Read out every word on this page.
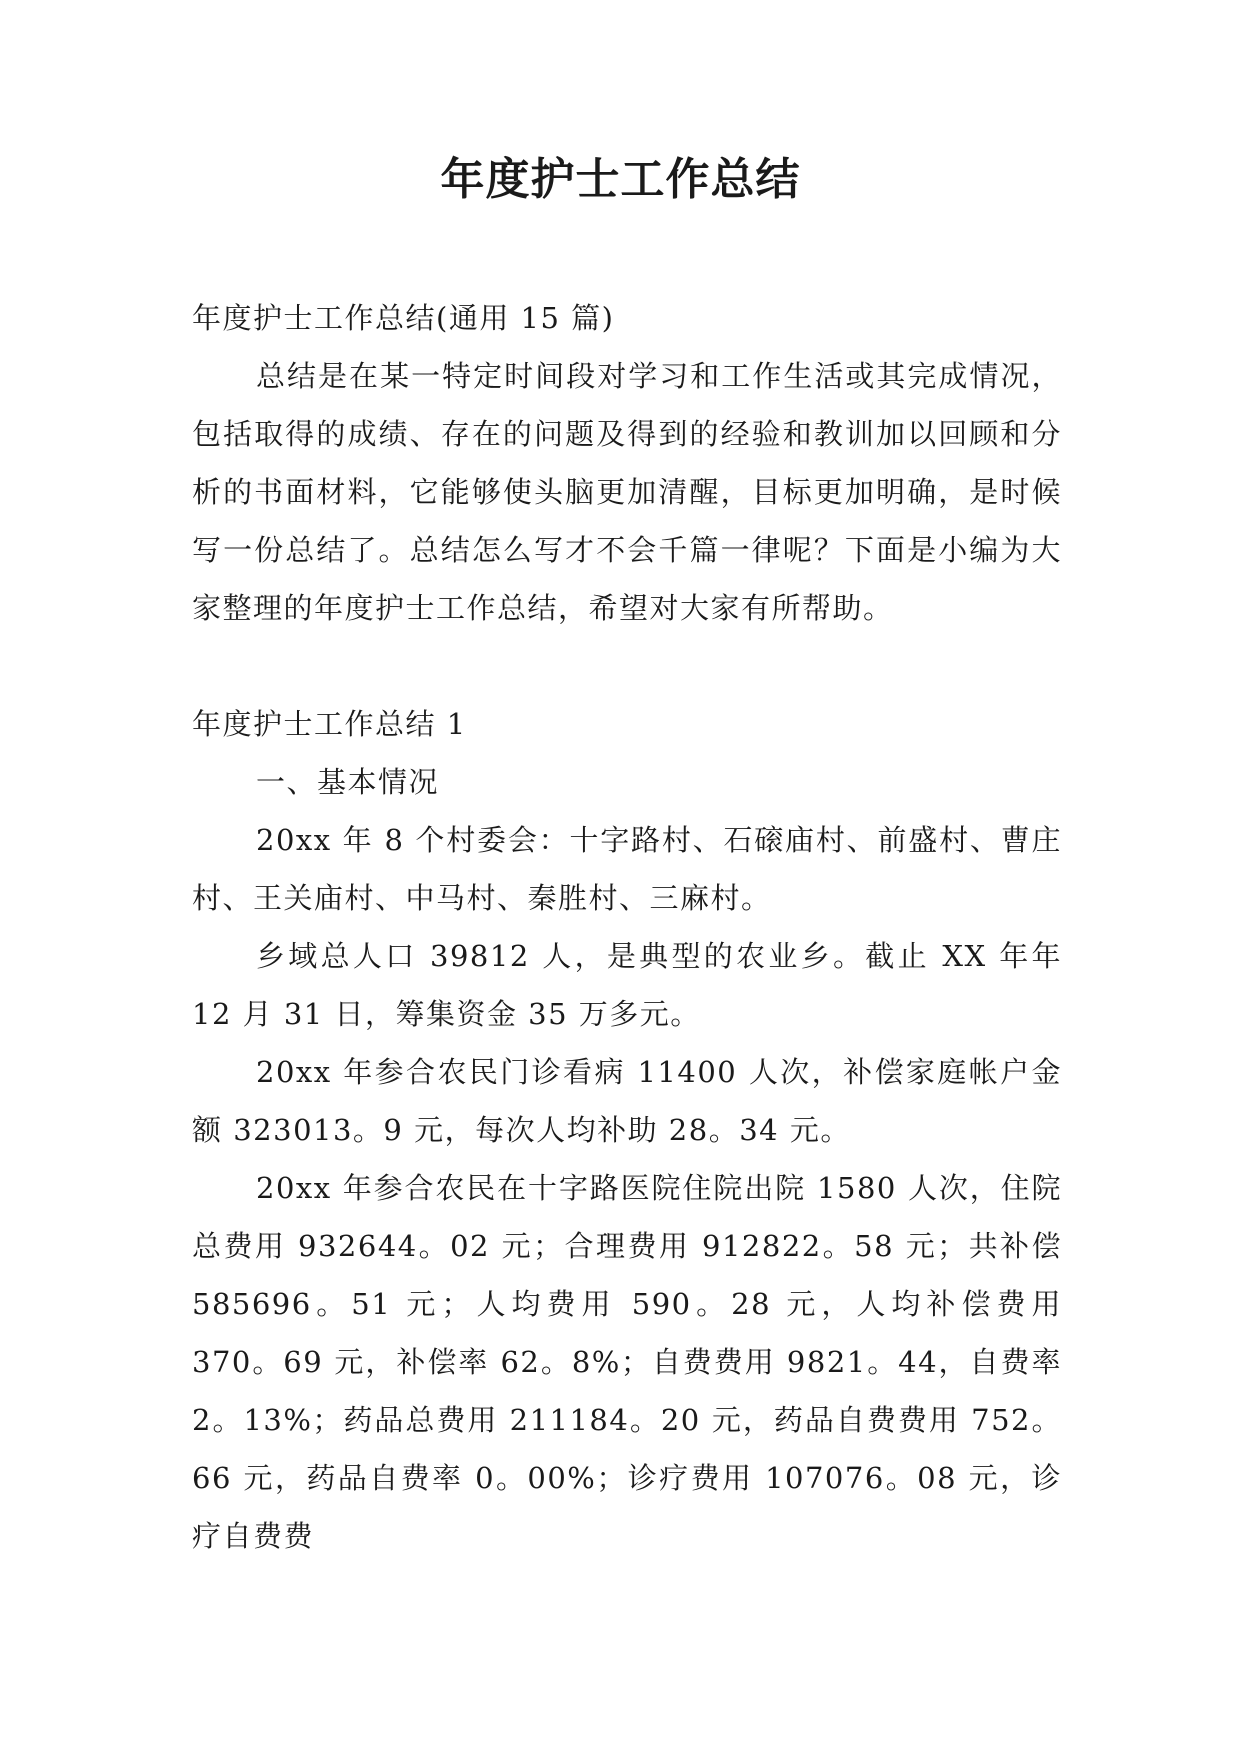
年度护士工作总结

年度护士工作总结(通用 15 篇)

总结是在某一特定时间段对学习和工作生活或其完成情况，包括取得的成绩、存在的问题及得到的经验和教训加以回顾和分析的书面材料，它能够使头脑更加清醒，目标更加明确，是时候写一份总结了。总结怎么写才不会千篇一律呢？下面是小编为大家整理的年度护士工作总结，希望对大家有所帮助。

年度护士工作总结 1

一、基本情况

20xx 年 8 个村委会：十字路村、石磙庙村、前盛村、曹庄村、王关庙村、中马村、秦胜村、三麻村。

乡域总人口 39812 人，是典型的农业乡。截止 XX 年年 12 月 31 日，筹集资金 35 万多元。

20xx 年参合农民门诊看病 11400 人次，补偿家庭帐户金额 323013。9 元，每次人均补助 28。34 元。

20xx 年参合农民在十字路医院住院出院 1580 人次，住院总费用 932644。02 元；合理费用 912822。58 元；共补偿 585696。51 元；人均费用 590。28 元，人均补偿费用 370。69 元，补偿率 62。8%；自费费用 9821。44，自费率 2。13%；药品总费用 211184。20 元，药品自费费用 752。66 元，药品自费率 0。00%；诊疗费用 107076。08 元，诊疗自费费
